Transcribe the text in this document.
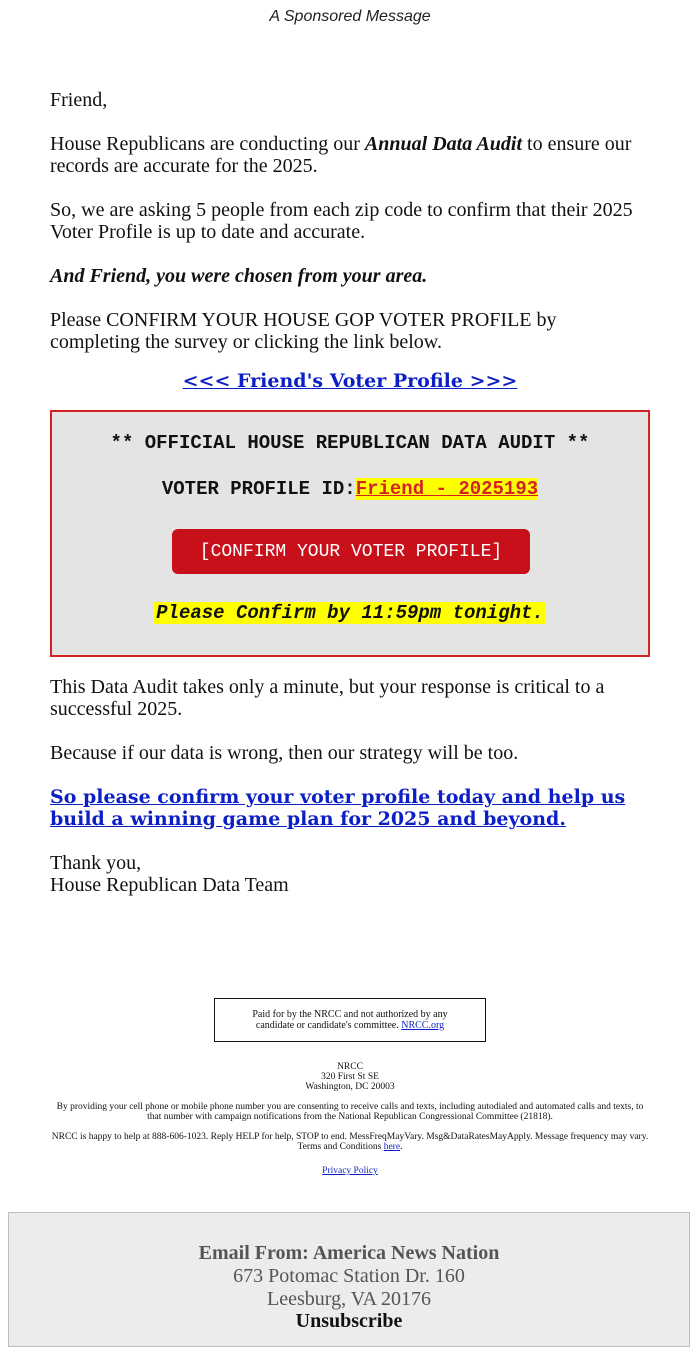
A Sponsored Message

Friend,

House Republicans are conducting our Annual Data Audit to ensure our records are accurate for the 2025.

So, we are asking 5 people from each zip code to confirm that their 2025 Voter Profile is up to date and accurate.

And Friend, you were chosen from your area.

Please CONFIRM YOUR HOUSE GOP VOTER PROFILE by completing the survey or clicking the link below.

<<< Friend's Voter Profile >>>
** OFFICIAL HOUSE REPUBLICAN DATA AUDIT **
VOTER PROFILE ID:Friend - 2025193
[CONFIRM YOUR VOTER PROFILE]
Please Confirm by 11:59pm tonight.

This Data Audit takes only a minute, but your response is critical to a successful 2025.

Because if our data is wrong, then our strategy will be too.

So please confirm your voter profile today and help us build a winning game plan for 2025 and beyond.

Thank you,

House Republican Data Team

Paid for by the NRCC and not authorized by any candidate or candidate's committee. NRCC.org

NRCC

320 First St SE

Washington, DC 20003

By providing your cell phone or mobile phone number you are consenting to receive calls and texts, including autodialed and automated calls and texts, to that number with campaign notifications from the National Republican Congressional Committee (21818).

NRCC is happy to help at 888-606-1023. Reply HELP for help, STOP to end. MessFreqMayVary. Msg&DataRatesMayApply. Message frequency may vary. Terms and Conditions here.

Privacy Policy

Email From: America News Nation
673 Potomac Station Dr. 160
Leesburg, VA 20176
Unsubscribe
